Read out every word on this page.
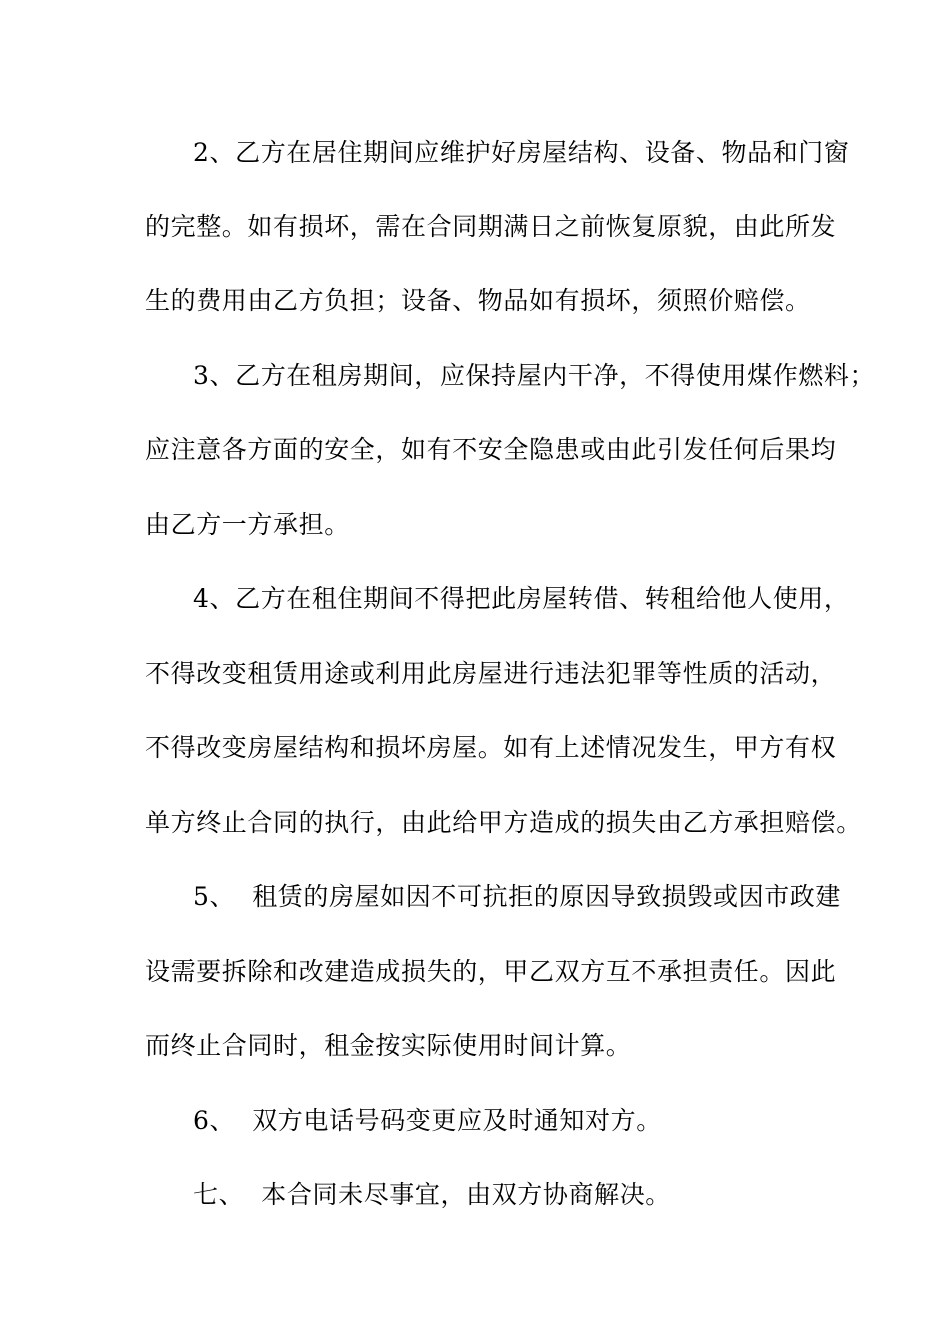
2、乙方在居住期间应维护好房屋结构、设备、物品和门窗
的完整。如有损坏，需在合同期满日之前恢复原貌，由此所发
生的费用由乙方负担；设备、物品如有损坏，须照价赔偿。
3、乙方在租房期间，应保持屋内干净，不得使用煤作燃料；
应注意各方面的安全，如有不安全隐患或由此引发任何后果均
由乙方一方承担。
4、乙方在租住期间不得把此房屋转借、转租给他人使用，
不得改变租赁用途或利用此房屋进行违法犯罪等性质的活动，
不得改变房屋结构和损坏房屋。如有上述情况发生，甲方有权
单方终止合同的执行，由此给甲方造成的损失由乙方承担赔偿。
5、  租赁的房屋如因不可抗拒的原因导致损毁或因市政建
设需要拆除和改建造成损失的，甲乙双方互不承担责任。因此
而终止合同时，租金按实际使用时间计算。
6、  双方电话号码变更应及时通知对方。
七、  本合同未尽事宜，由双方协商解决。
